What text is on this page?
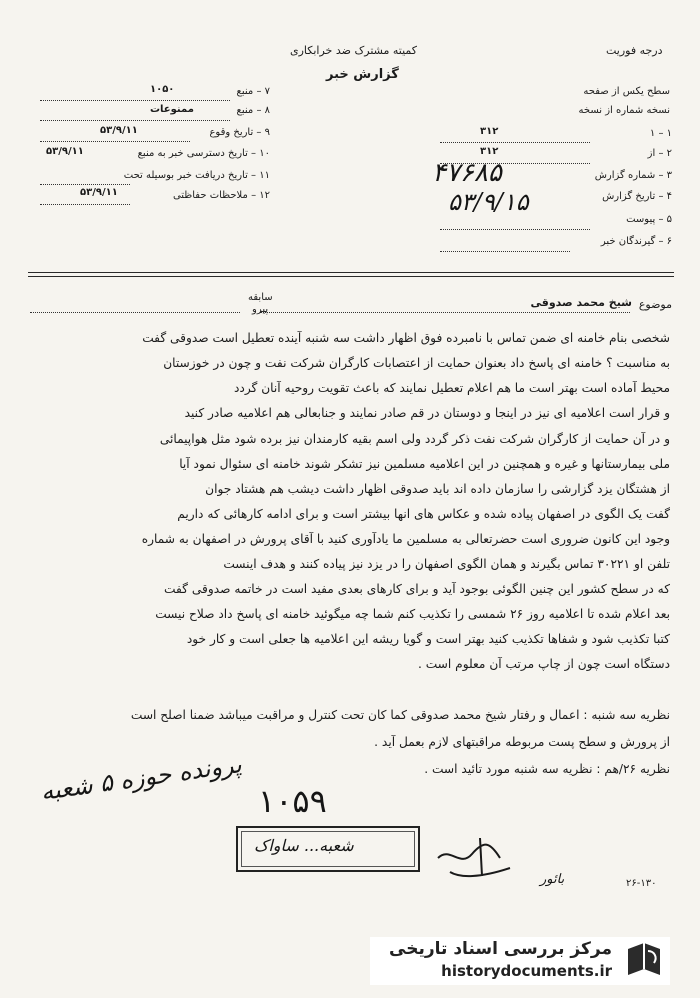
کمیته مشترک ضد خرابکاری	درجه فوریت
گزارش خبر
سطح یکس از صفحه
نسخه شماره از نسخه
۷ – منبع
۸ – منبع
۹ – تاریخ وقوع
۱۰ – تاریخ دسترسی خبر به منبع
۱۱ – تاریخ دریافت خبر بوسیله تحت
۱۲ – ملاحظات حفاظتی
۱۰۵۰
ممنوعات
۵۳/۹/۱۱
۵۳/۹/۱۱
۵۳/۹/۱۱
۱ – ۱
۲ – از
۳ – شماره گزارش
۴ – تاریخ گزارش
۵ – پیوست
۶ – گیرندگان خبر
۳۱۲
۳۱۲
۴۷۶۸۵
۵۳/۹/۱۵
موضوع
شیخ محمد صدوقی
سابقه
پیرو
شخصی بنام خامنه ای ضمن تماس با نامبرده فوق اظهار داشت سه شنبه آینده تعطیل است صدوقی گفت
به مناسبت ؟ خامنه ای پاسخ داد بعنوان حمایت از اعتصابات کارگران شرکت نفت و چون در خوزستان
محیط آماده است بهتر است ما هم اعلام تعطیل نمایند که باعث تقویت روحیه آنان گردد
و قرار است اعلامیه ای نیز در اینجا و دوستان در قم صادر نمایند و جنابعالی هم اعلامیه صادر کنید
و در آن حمایت از کارگران شرکت نفت ذکر گردد ولی اسم بقیه کارمندان نیز برده شود مثل هواپیمائی
ملی بیمارستانها و غیره و همچنین در این اعلامیه مسلمین نیز تشکر شوند خامنه ای سئوال نمود آیا
از هشتگان یزد گزارشی را سازمان داده اند باید صدوقی اظهار داشت دیشب هم هشتاد جوان
گفت یک الگوی در اصفهان پیاده شده و عکاس های انها بیشتر است و برای ادامه کارهائی که داریم
وجود این کانون ضروری است حضرتعالی به مسلمین ما یادآوری کنید با آقای پرورش در اصفهان به شماره
تلفن او ۳۰۲۲۱ تماس بگیرند و همان الگوی اصفهان را در یزد نیز پیاده کنند و هدف اینست
که در سطح کشور این چنین الگوئی بوجود آید و برای کارهای بعدی مفید است در خاتمه صدوقی گفت
بعد اعلام شده تا اعلامیه روز ۲۶ شمسی را تکذیب کنم شما چه میگوئید خامنه ای پاسخ داد صلاح نیست
کتبا تکذیب شود و شفاها تکذیب کنید بهتر است و گویا ریشه این اعلامیه ها جعلی است و کار خود
دستگاه است چون از چاپ مرتب آن معلوم است .
نظریه سه شنبه : اعمال و رفتار شیخ محمد صدوقی کما کان تحت کنترل و مراقبت میباشد ضمنا اصلح است
از پرورش و سطح پست مربوطه مراقبتهای لازم بعمل آید .
نظریه ۲۶/هم : نظریه سه شنبه مورد تائید است .
پرونده حوزه ۵ شعبه
۱۰۵۹
شعبه... ساواک
بائور	۲۶-۱۳۰
مرکز بررسی اسناد تاریخی
historydocuments.ir
